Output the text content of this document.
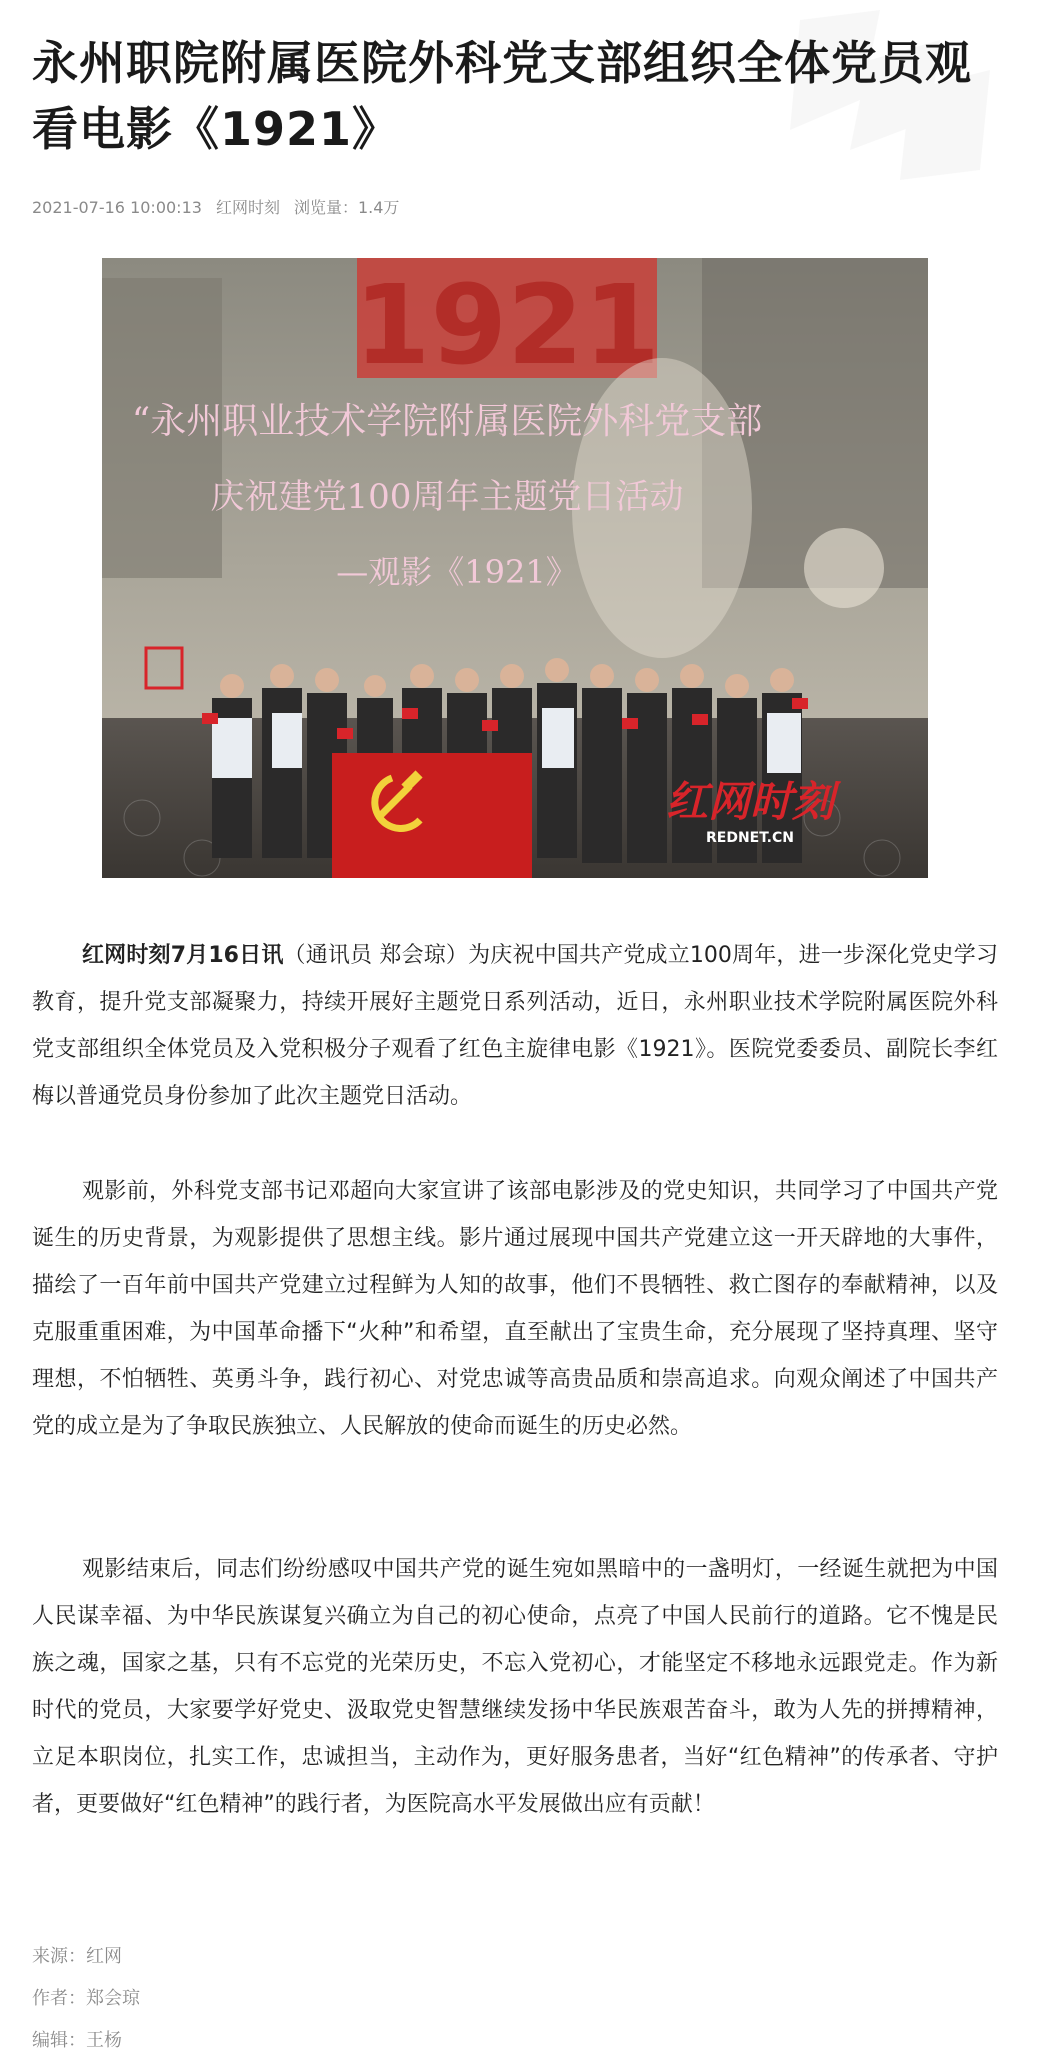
永州职院附属医院外科党支部组织全体党员观看电影《1921》
2021-07-16 10:00:13 红网时刻 浏览量：1.4万
1921
“永州职业技术学院附属医院外科党支部
庆祝建党100周年主题党日活动
—观影《1921》
红网时刻
REDNET.CN

红网时刻7月16日讯（通讯员 郑会琼）为庆祝中国共产党成立100周年，进一步深化党史学习教育，提升党支部凝聚力，持续开展好主题党日系列活动，近日，永州职业技术学院附属医院外科党支部组织全体党员及入党积极分子观看了红色主旋律电影《1921》。医院党委委员、副院长李红梅以普通党员身份参加了此次主题党日活动。

观影前，外科党支部书记邓超向大家宣讲了该部电影涉及的党史知识，共同学习了中国共产党诞生的历史背景，为观影提供了思想主线。影片通过展现中国共产党建立这一开天辟地的大事件，描绘了一百年前中国共产党建立过程鲜为人知的故事，他们不畏牺牲、救亡图存的奉献精神，以及克服重重困难，为中国革命播下“火种”和希望，直至献出了宝贵生命，充分展现了坚持真理、坚守理想，不怕牺牲、英勇斗争，践行初心、对党忠诚等高贵品质和崇高追求。向观众阐述了中国共产党的成立是为了争取民族独立、人民解放的使命而诞生的历史必然。

观影结束后，同志们纷纷感叹中国共产党的诞生宛如黑暗中的一盏明灯，一经诞生就把为中国人民谋幸福、为中华民族谋复兴确立为自己的初心使命，点亮了中国人民前行的道路。它不愧是民族之魂，国家之基，只有不忘党的光荣历史，不忘入党初心，才能坚定不移地永远跟党走。作为新时代的党员，大家要学好党史、汲取党史智慧继续发扬中华民族艰苦奋斗，敢为人先的拼搏精神，立足本职岗位，扎实工作，忠诚担当，主动作为，更好服务患者，当好“红色精神”的传承者、守护者，更要做好“红色精神”的践行者，为医院高水平发展做出应有贡献！

来源：红网
作者：郑会琼
编辑：王杨
